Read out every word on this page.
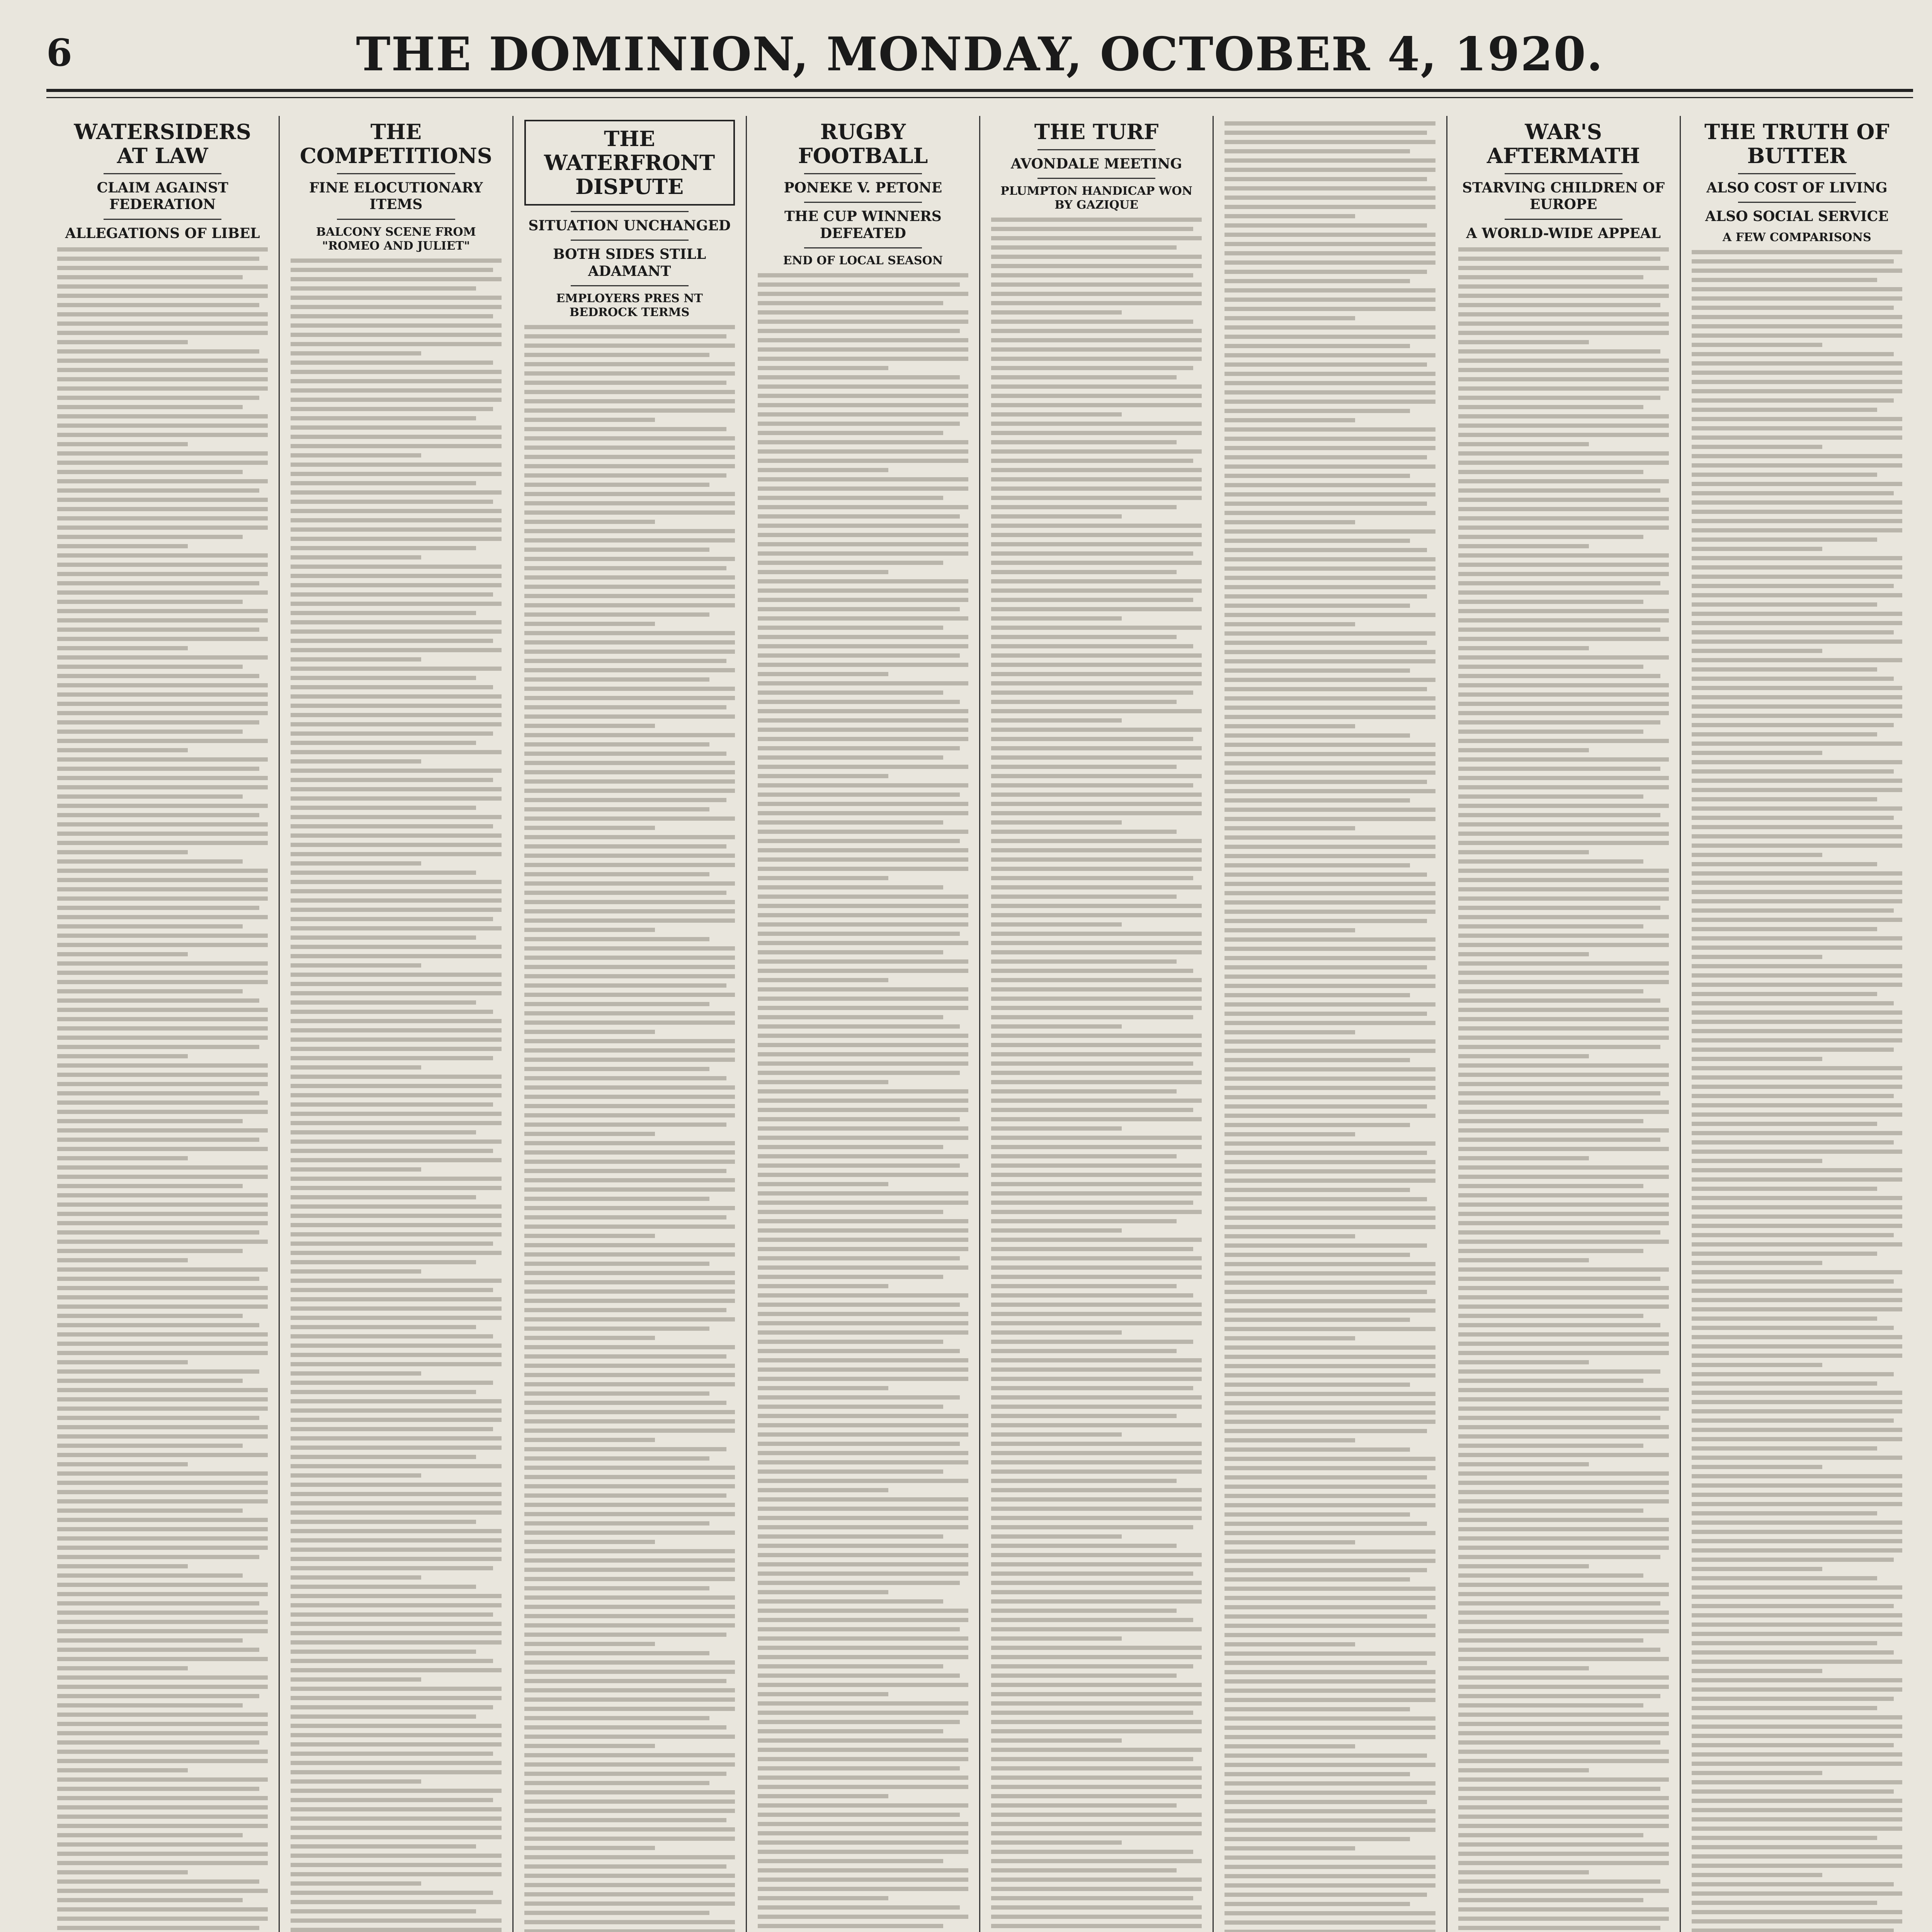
6	THE DOMINION, MONDAY, OCTOBER 4, 1920.
WATERSIDERS AT LAW
CLAIM AGAINST FEDERATION
ALLEGATIONS OF LIBEL
THE COMPETITIONS
FINE ELOCUTIONARY ITEMS
BALCONY SCENE FROM "ROMEO AND JULIET"
THE WATERFRONT DISPUTE
SITUATION UNCHANGED
BOTH SIDES STILL ADAMANT
EMPLOYERS PRES NT BEDROCK TERMS
RUGBY FOOTBALL
PONEKE V. PETONE
THE CUP WINNERS DEFEATED
END OF LOCAL SEASON
THE TURF
AVONDALE MEETING
PLUMPTON HANDICAP WON BY GAZIQUE
WAR'S AFTERMATH
STARVING CHILDREN OF EUROPE
A WORLD-WIDE APPEAL
THE TRUTH OF BUTTER
ALSO COST OF LIVING
ALSO SOCIAL SERVICE
A FEW COMPARISONS
